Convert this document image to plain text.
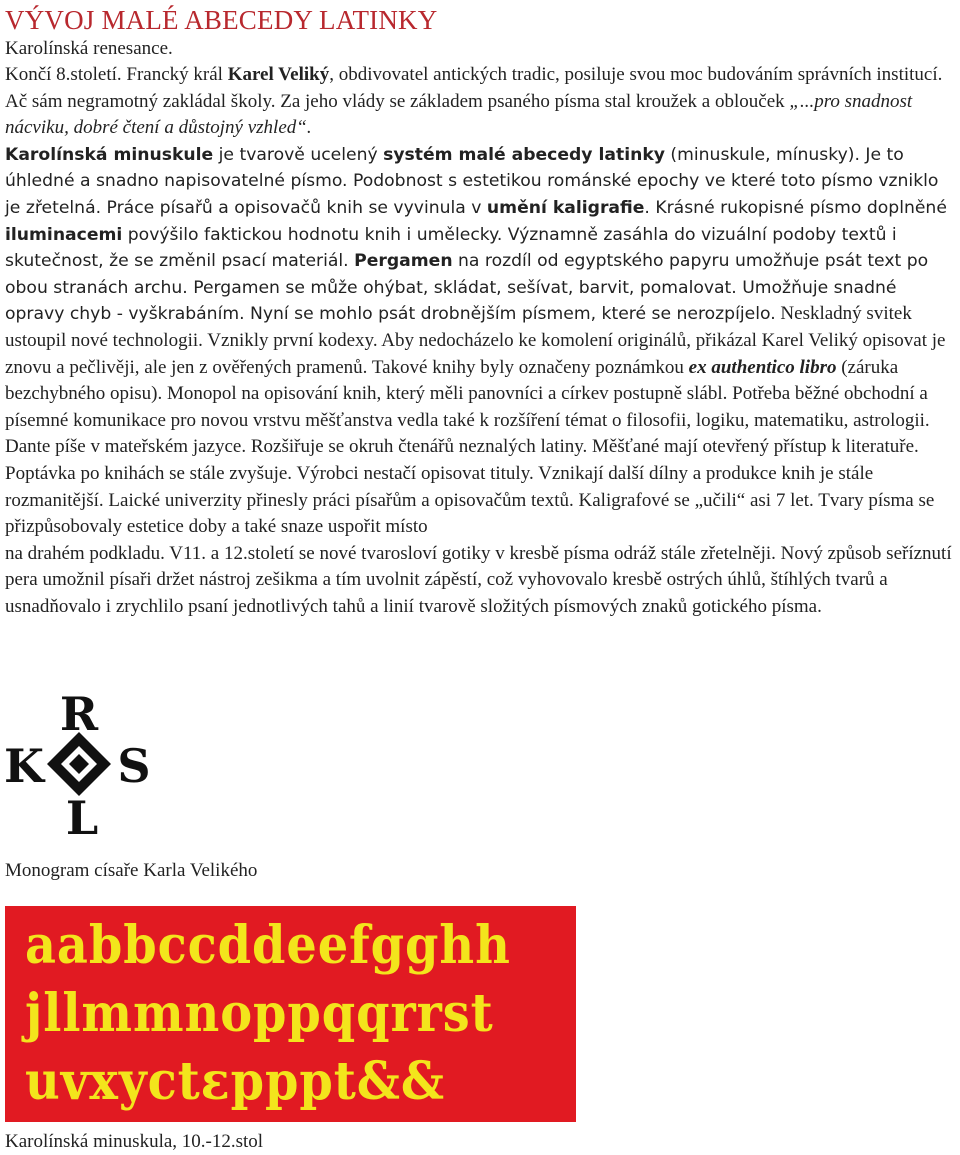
VÝVOJ MALÉ ABECEDY LATINKY
Karolínská renesance.
Končí 8.století. Francký král Karel Veliký, obdivovatel antických tradic, posiluje svou moc budováním správních institucí. Ač sám negramotný zakládal školy. Za jeho vlády se základem psaného písma stal kroužek a oblouček „...pro snadnost nácviku, dobré čtení a důstojný vzhled“.
Karolínská minuskule je tvarově ucelený systém malé abecedy latinky (minuskule, mínusky). Je to úhledné a snadno napisovatelné písmo. Podobnost s estetikou románské epochy ve které toto písmo vzniklo je zřetelná. Práce písařů a opisovačů knih se vyvinula v umění kaligrafie. Krásné rukopisné písmo doplněné iluminacemi povýšilo faktickou hodnotu knih i umělecky. Významně zasáhla do vizuální podoby textů i skutečnost, že se změnil psací materiál. Pergamen na rozdíl od egyptského papyru umožňuje psát text po obou stranách archu. Pergamen se může ohýbat, skládat, sešívat, barvit, pomalovat. Umožňuje snadné opravy chyb - vyškrabáním. Nyní se mohlo psát drobnějším písmem, které se nerozpíjelo. Neskladný svitek ustoupil nové technologii. Vznikly první kodexy. Aby nedocházelo ke komolení originálů, přikázal Karel Veliký opisovat je znovu a pečlivěji, ale jen z ověřených pramenů. Takové knihy byly označeny poznámkou ex authentico libro (záruka bezchybného opisu). Monopol na opisování knih, který měli panovníci a církev postupně slábl. Potřeba běžné obchodní a písemné komunikace pro novou vrstvu měšťanstva vedla také k rozšíření témat o filosofii, logiku, matematiku, astrologii. Dante píše v mateřském jazyce. Rozšiřuje se okruh čtenářů neznalých latiny. Měšťané mají otevřený přístup k literatuře. Poptávka po knihách se stále zvyšuje. Výrobci nestačí opisovat tituly. Vznikají další dílny a produkce knih je stále rozmanitější. Laické univerzity přinesly práci písařům a opisovačům textů. Kaligrafové se „učili“ asi 7 let. Tvary písma se přizpůsobovaly estetice doby a také snaze uspořit místo
na drahém podkladu. V11. a 12.století se nové tvarosloví gotiky v kresbě písma odráž stále zřetelněji. Nový způsob seříznutí pera umožnil písaři držet nástroj zešikma a tím uvolnit zápěstí, což vyhovovalo kresbě ostrých úhlů, štíhlých tvarů a usnadňovalo i zrychlilo psaní jednotlivých tahů a linií tvarově složitých písmových znaků gotického písma.
R
K S
L
Monogram císaře Karla Velikého
aabbccddeefgghh
jllmmnoppqqrrst
uvxyctεpppt&&
Karolínská minuskula, 10.-12.stol
